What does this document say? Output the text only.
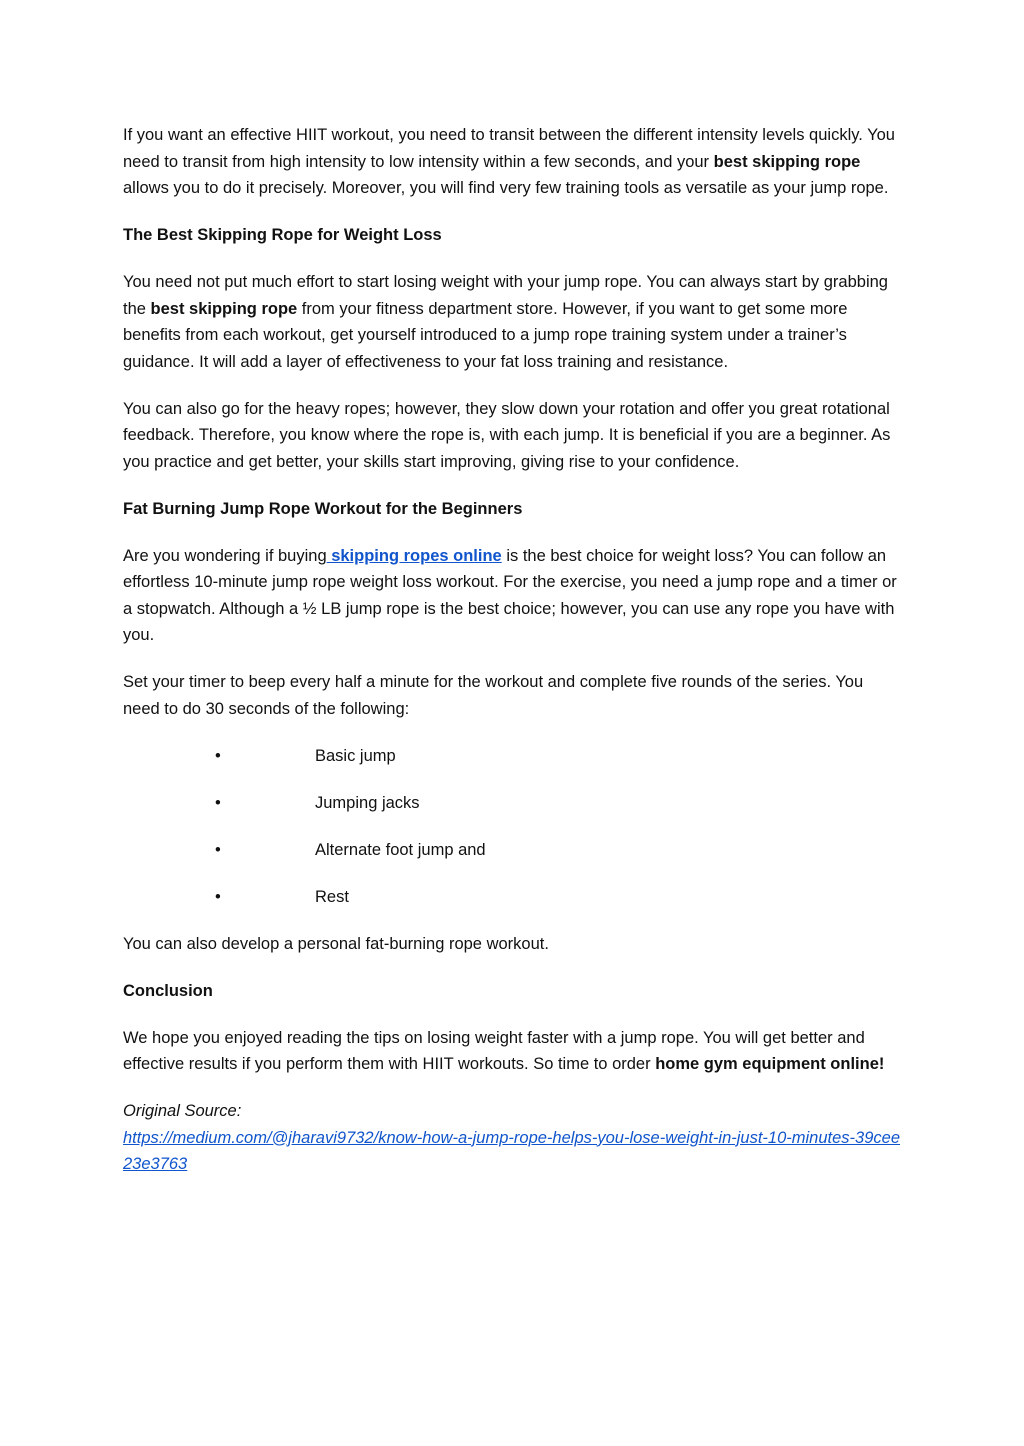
If you want an effective HIIT workout, you need to transit between the different intensity levels quickly. You need to transit from high intensity to low intensity within a few seconds, and your best skipping rope allows you to do it precisely. Moreover, you will find very few training tools as versatile as your jump rope.

The Best Skipping Rope for Weight Loss

You need not put much effort to start losing weight with your jump rope. You can always start by grabbing the best skipping rope from your fitness department store. However, if you want to get some more benefits from each workout, get yourself introduced to a jump rope training system under a trainer’s guidance. It will add a layer of effectiveness to your fat loss training and resistance.

You can also go for the heavy ropes; however, they slow down your rotation and offer you great rotational feedback. Therefore, you know where the rope is, with each jump. It is beneficial if you are a beginner. As you practice and get better, your skills start improving, giving rise to your confidence.

Fat Burning Jump Rope Workout for the Beginners

Are you wondering if buying skipping ropes online is the best choice for weight loss? You can follow an effortless 10-minute jump rope weight loss workout. For the exercise, you need a jump rope and a timer or a stopwatch. Although a ½ LB jump rope is the best choice; however, you can use any rope you have with you.

Set your timer to beep every half a minute for the workout and complete five rounds of the series. You need to do 30 seconds of the following:

•	Basic jump
•	Jumping jacks
•	Alternate foot jump and
•	Rest

You can also develop a personal fat-burning rope workout.

Conclusion

We hope you enjoyed reading the tips on losing weight faster with a jump rope. You will get better and effective results if you perform them with HIIT workouts. So time to order home gym equipment online!

Original Source:
https://medium.com/@jharavi9732/know-how-a-jump-rope-helps-you-lose-weight-in-just-10-minutes-39cee23e3763
